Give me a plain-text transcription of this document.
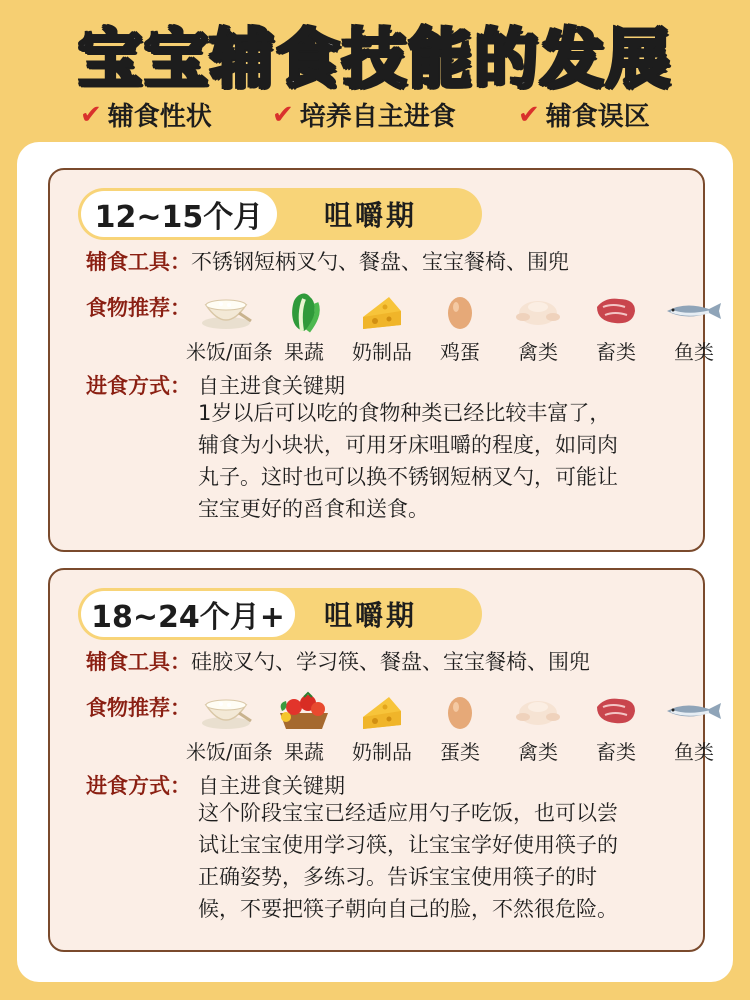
宝宝辅食技能的发展
✔ 辅食性状 ✔ 培养自主进食 ✔ 辅食误区
12~15个月	咀嚼期
辅食工具：不锈钢短柄叉勺、餐盘、宝宝餐椅、围兜
食物推荐：
米饭/面条 果蔬	奶制品	鸡蛋	禽类	畜类	鱼类
进食方式： 自主进食关键期
1岁以后可以吃的食物种类已经比较丰富了，
辅食为小块状，可用牙床咀嚼的程度，如同肉
丸子。这时也可以换不锈钢短柄叉勺，可能让
宝宝更好的舀食和送食。
18~24个月+	咀嚼期
辅食工具：硅胶叉勺、学习筷、餐盘、宝宝餐椅、围兜
食物推荐：
米饭/面条 果蔬	奶制品	蛋类	禽类	畜类	鱼类
进食方式： 自主进食关键期
这个阶段宝宝已经适应用勺子吃饭，也可以尝
试让宝宝使用学习筷，让宝宝学好使用筷子的
正确姿势，多练习。告诉宝宝使用筷子的时
候，不要把筷子朝向自己的脸，不然很危险。
